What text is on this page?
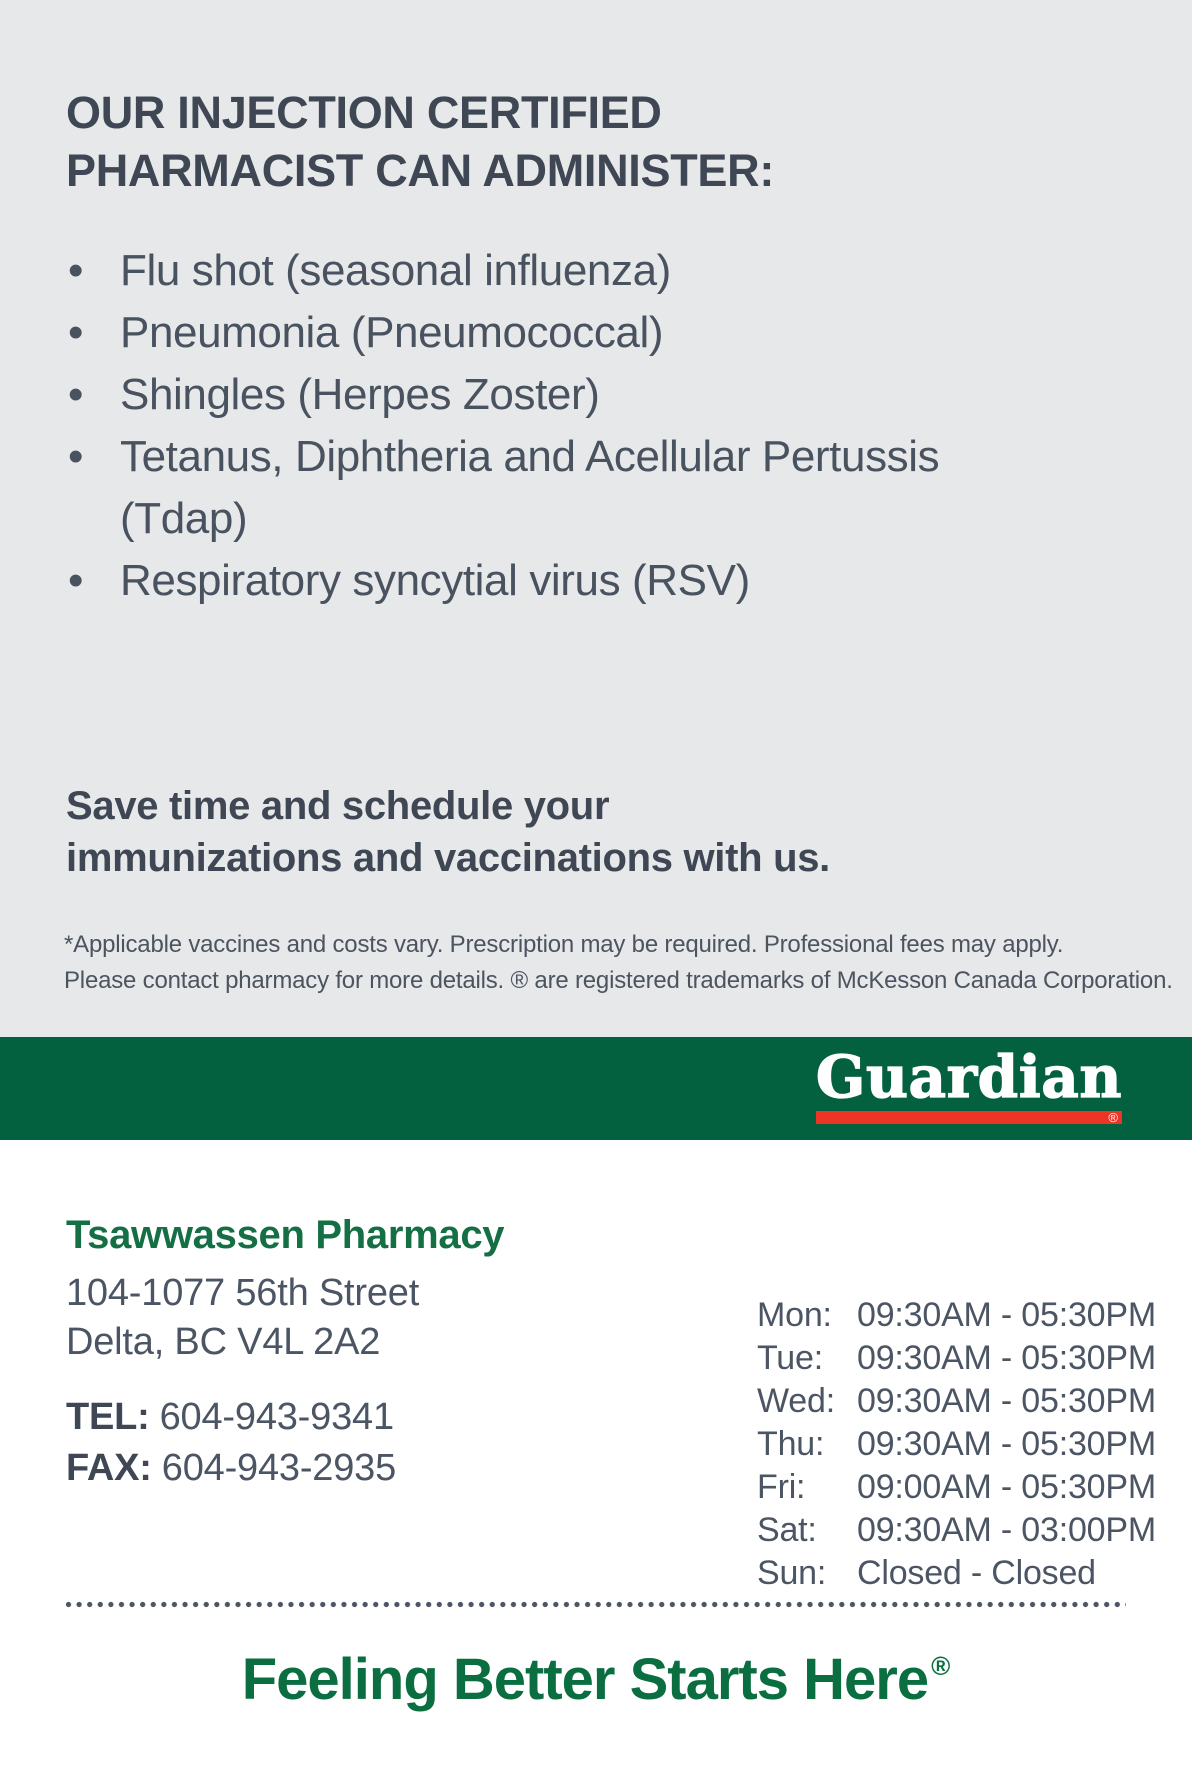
OUR INJECTION CERTIFIED
PHARMACIST CAN ADMINISTER:
• Flu shot (seasonal influenza)
• Pneumonia (Pneumococcal)
• Shingles (Herpes Zoster)
• Tetanus, Diphtheria and Acellular Pertussis (Tdap)
• Respiratory syncytial virus (RSV)
Save time and schedule your
immunizations and vaccinations with us.
*Applicable vaccines and costs vary. Prescription may be required. Professional fees may apply.
Please contact pharmacy for more details. ® are registered trademarks of McKesson Canada Corporation.
Guardian
®
Tsawwassen Pharmacy
104-1077 56th Street
Delta, BC V4L 2A2
TEL: 604-943-9341
FAX: 604-943-2935
Mon: 09:30AM - 05:30PM
Tue: 09:30AM - 05:30PM
Wed: 09:30AM - 05:30PM
Thu: 09:30AM - 05:30PM
Fri: 09:00AM - 05:30PM
Sat: 09:30AM - 03:00PM
Sun: Closed - Closed
Feeling Better Starts Here ®
